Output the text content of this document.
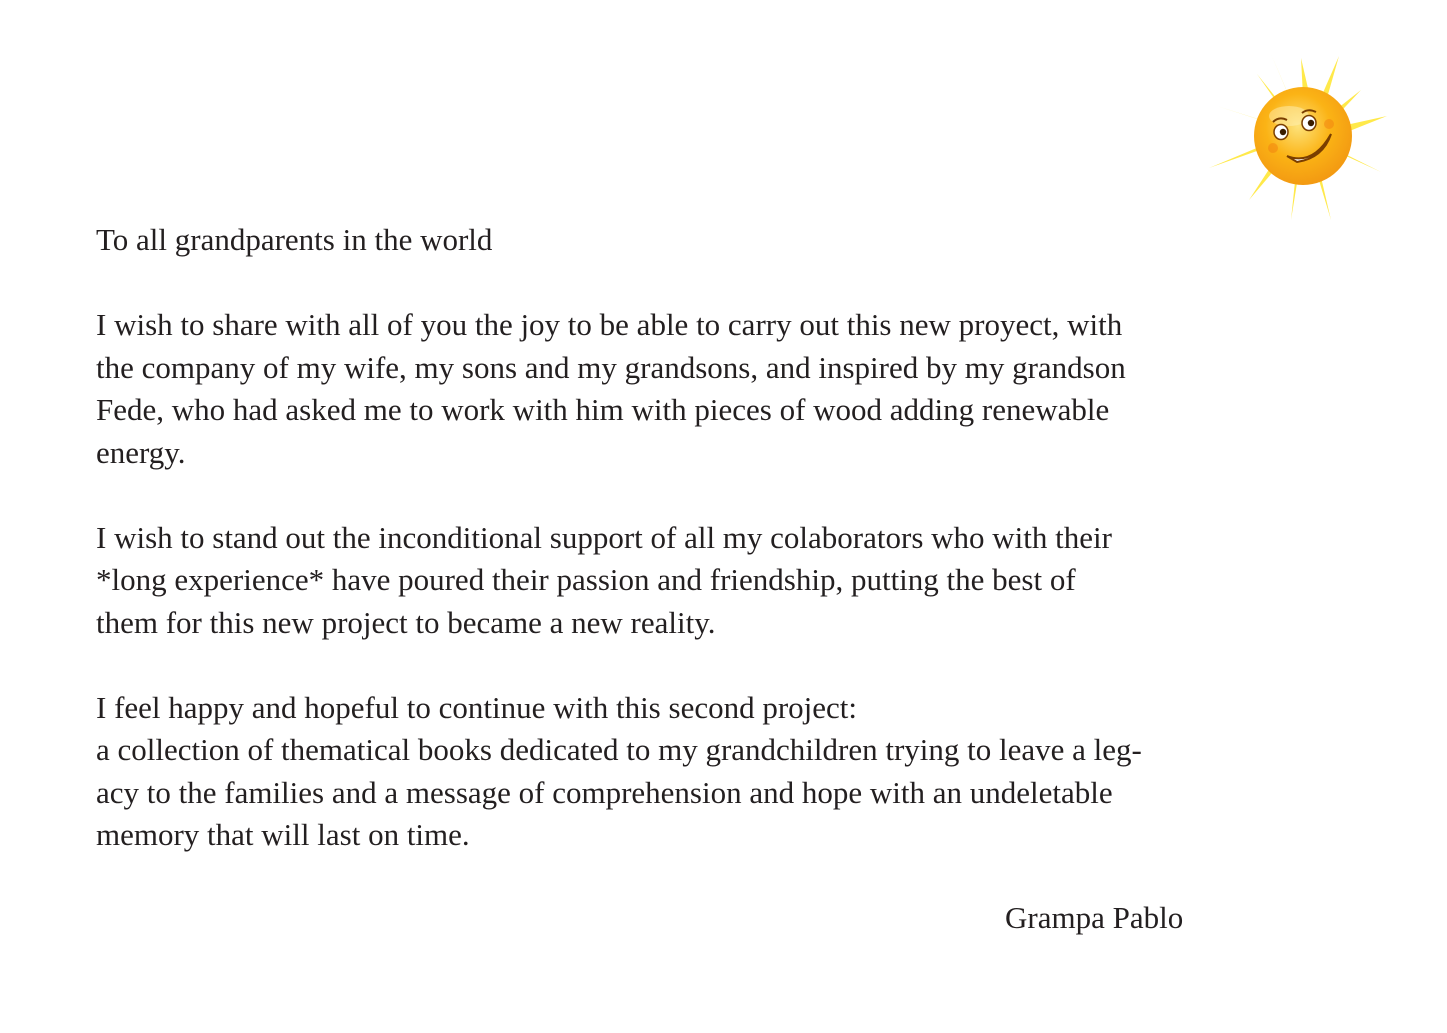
To all grandparents in the world
I wish to share with all of you the joy to be able to carry out this new proyect, with
the company of my wife, my sons and my grandsons, and inspired by my grandson
Fede, who had asked me to work with him with pieces of wood adding renewable
energy.
I wish to stand out the inconditional support of all my colaborators who with their
*long experience* have poured their passion and friendship, putting the best of
them for this new project to became a new reality.
I feel happy and hopeful to continue with this second project:
a collection of thematical books dedicated to my grandchildren trying to leave a leg-
acy to the families and a message of comprehension and hope with an undeletable
memory that will last on time.
Grampa Pablo
